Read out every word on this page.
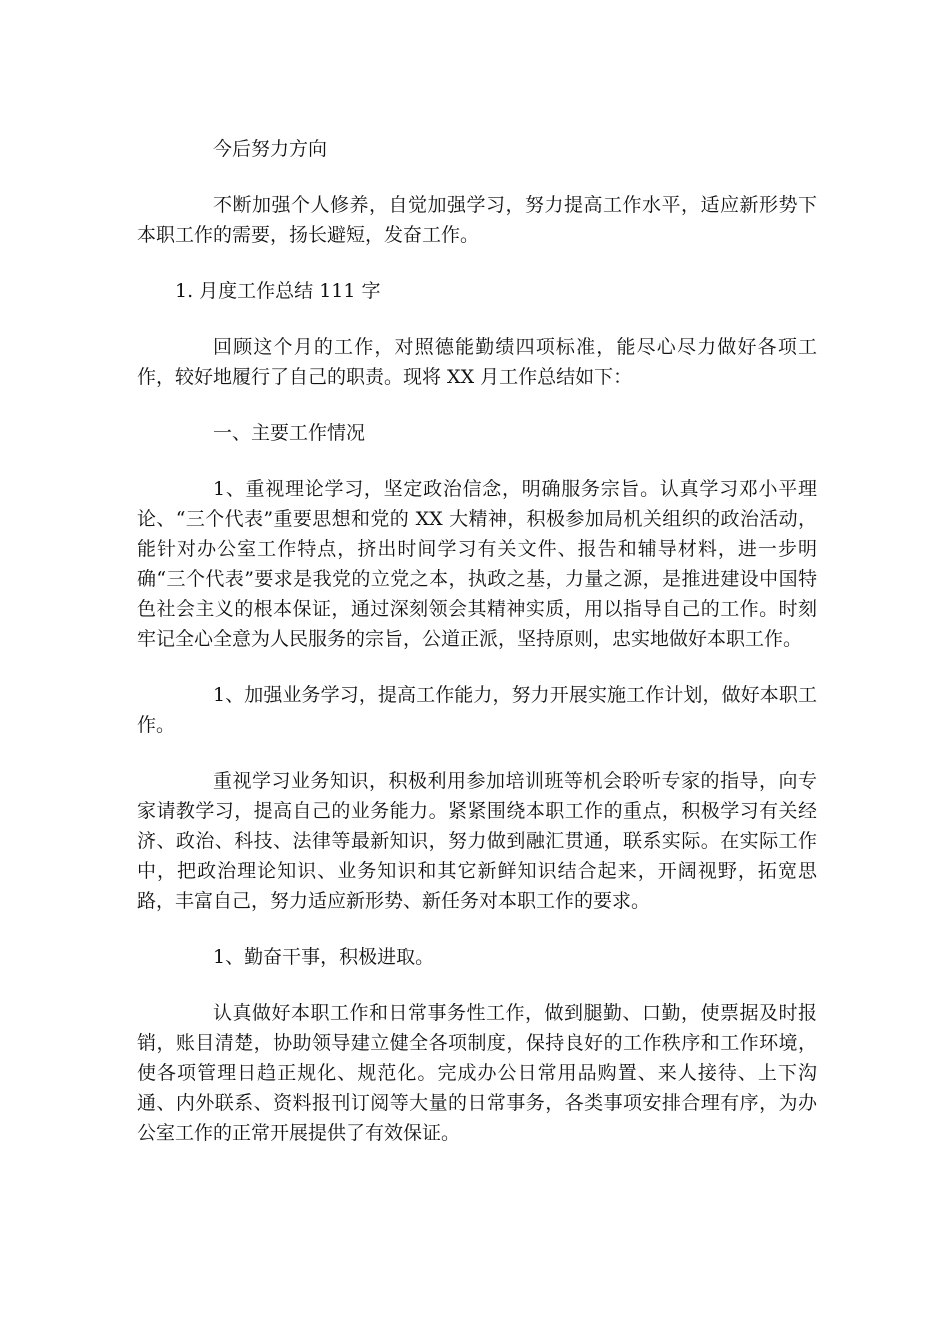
今后努力方向

不断加强个人修养，自觉加强学习，努力提高工作水平，适应新形势下本职工作的需要，扬长避短，发奋工作。

1. 月度工作总结 111 字

回顾这个月的工作，对照德能勤绩四项标准，能尽心尽力做好各项工作，较好地履行了自己的职责。现将 XX 月工作总结如下：

一、主要工作情况

1、重视理论学习，坚定政治信念，明确服务宗旨。认真学习邓小平理论、“三个代表”重要思想和党的 XX 大精神，积极参加局机关组织的政治活动，能针对办公室工作特点，挤出时间学习有关文件、报告和辅导材料，进一步明确“三个代表”要求是我党的立党之本，执政之基，力量之源，是推进建设中国特色社会主义的根本保证，通过深刻领会其精神实质，用以指导自己的工作。时刻牢记全心全意为人民服务的宗旨，公道正派，坚持原则，忠实地做好本职工作。

1、加强业务学习，提高工作能力，努力开展实施工作计划，做好本职工作。

重视学习业务知识，积极利用参加培训班等机会聆听专家的指导，向专家请教学习，提高自己的业务能力。紧紧围绕本职工作的重点，积极学习有关经济、政治、科技、法律等最新知识，努力做到融汇贯通，联系实际。在实际工作中，把政治理论知识、业务知识和其它新鲜知识结合起来，开阔视野，拓宽思路，丰富自己，努力适应新形势、新任务对本职工作的要求。

1、勤奋干事，积极进取。

认真做好本职工作和日常事务性工作，做到腿勤、口勤，使票据及时报销，账目清楚，协助领导建立健全各项制度，保持良好的工作秩序和工作环境，使各项管理日趋正规化、规范化。完成办公日常用品购置、来人接待、上下沟通、内外联系、资料报刊订阅等大量的日常事务，各类事项安排合理有序，为办公室工作的正常开展提供了有效保证。
